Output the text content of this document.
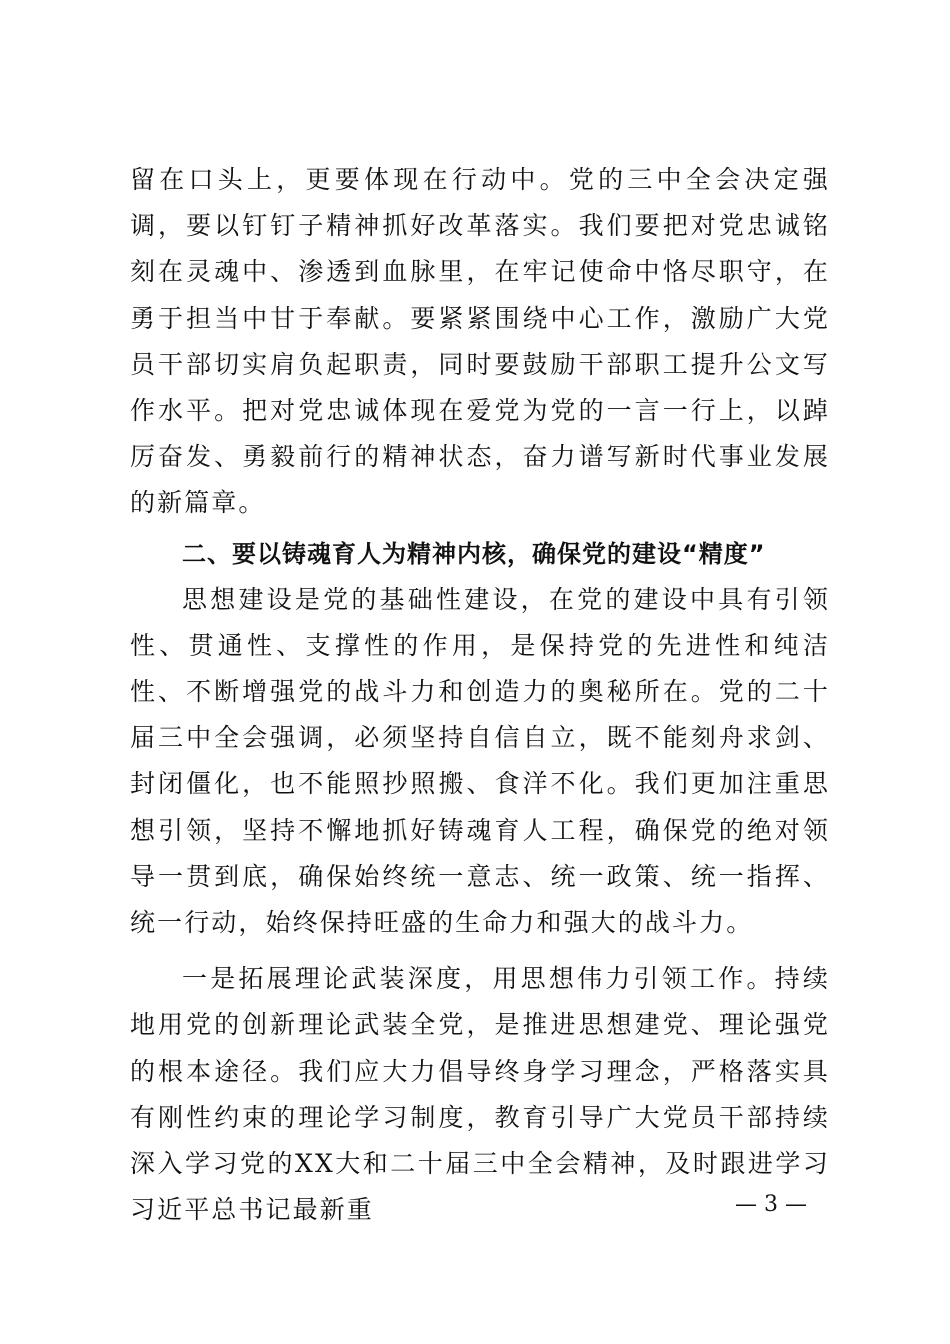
留在口头上，更要体现在行动中。党的三中全会决定强调，要以钉钉子精神抓好改革落实。我们要把对党忠诚铭刻在灵魂中、渗透到血脉里，在牢记使命中恪尽职守，在勇于担当中甘于奉献。要紧紧围绕中心工作，激励广大党员干部切实肩负起职责，同时要鼓励干部职工提升公文写作水平。把对党忠诚体现在爱党为党的一言一行上，以踔厉奋发、勇毅前行的精神状态，奋力谱写新时代事业发展的新篇章。

二、要以铸魂育人为精神内核，确保党的建设“精度”

思想建设是党的基础性建设，在党的建设中具有引领性、贯通性、支撑性的作用，是保持党的先进性和纯洁性、不断增强党的战斗力和创造力的奥秘所在。党的二十届三中全会强调，必须坚持自信自立，既不能刻舟求剑、封闭僵化，也不能照抄照搬、食洋不化。我们更加注重思想引领，坚持不懈地抓好铸魂育人工程，确保党的绝对领导一贯到底，确保始终统一意志、统一政策、统一指挥、统一行动，始终保持旺盛的生命力和强大的战斗力。

一是拓展理论武装深度，用思想伟力引领工作。持续地用党的创新理论武装全党，是推进思想建党、理论强党的根本途径。我们应大力倡导终身学习理念，严格落实具有刚性约束的理论学习制度，教育引导广大党员干部持续深入学习党的XX大和二十届三中全会精神，及时跟进学习习近平总书记最新重	— 3 —
